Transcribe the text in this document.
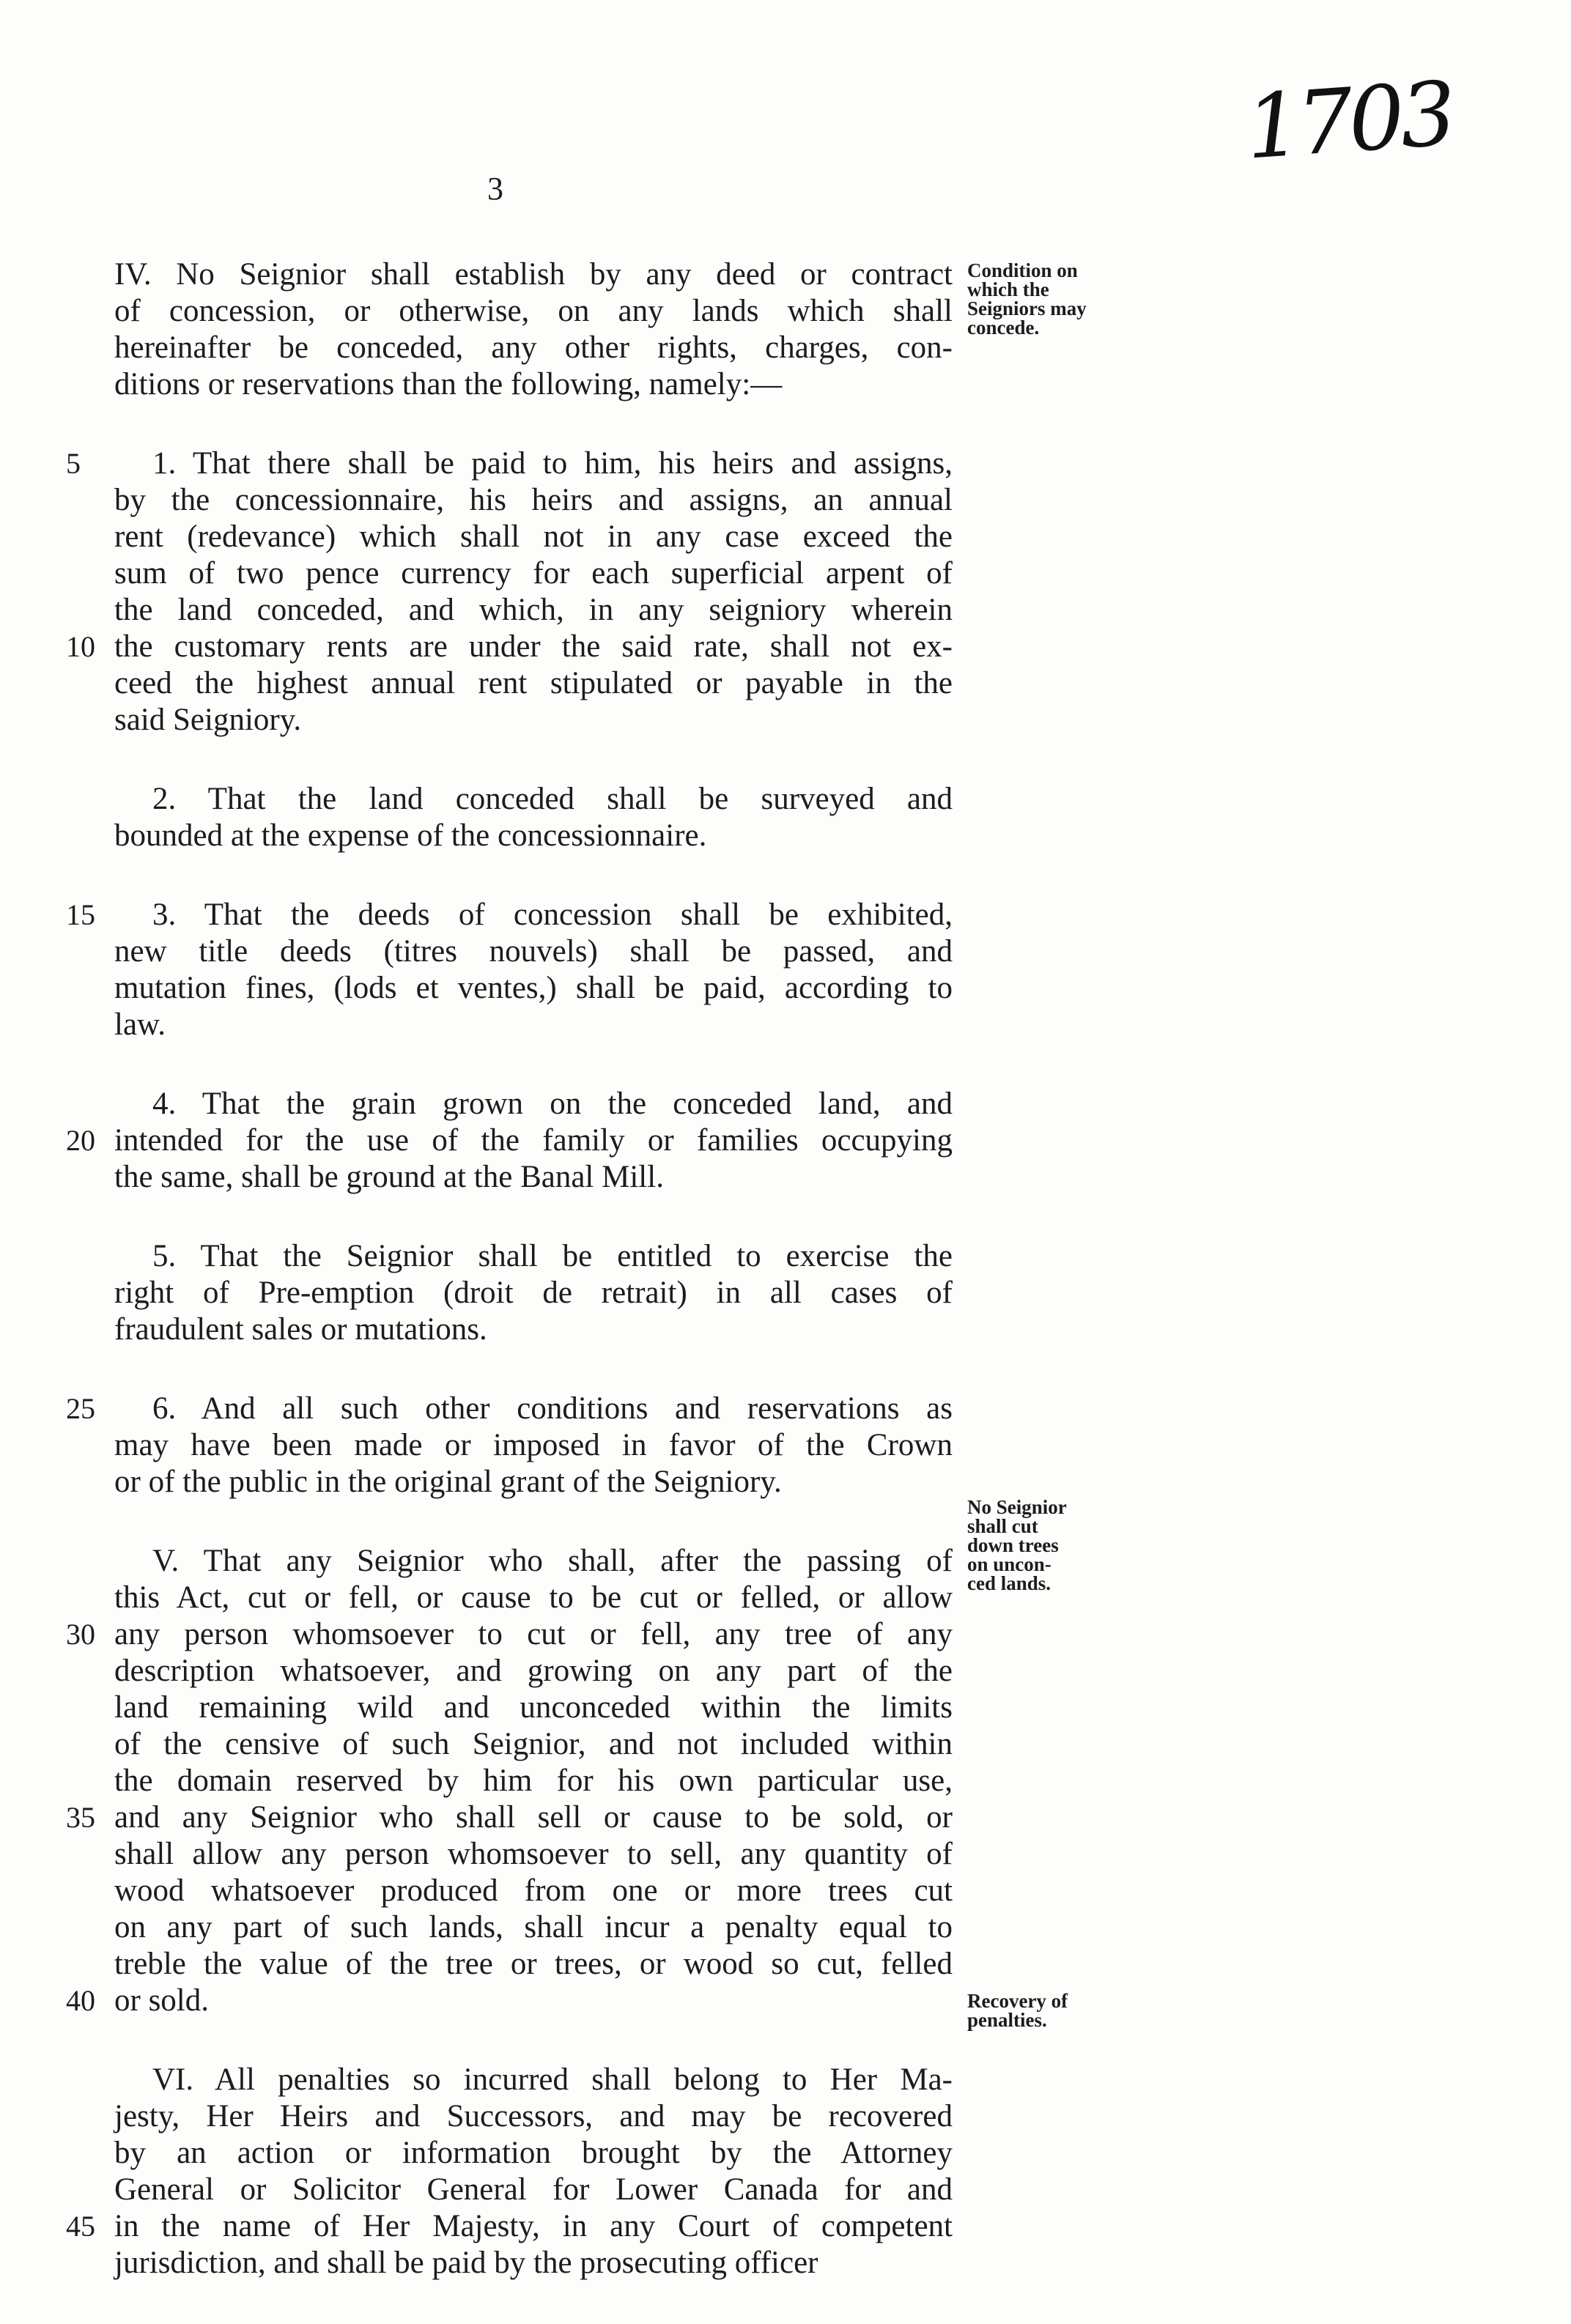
1703
3
IV. No Seignior shall establish by any deed or contract
of concession, or otherwise, on any lands which shall
hereinafter be conceded, any other rights, charges, con-
ditions or reservations than the following, namely:—
5	1. That there shall be paid to him, his heirs and assigns,
by the concessionnaire, his heirs and assigns, an annual
rent (redevance) which shall not in any case exceed the
sum of two pence currency for each superficial arpent of
the land conceded, and which, in any seigniory wherein
10 the customary rents are under the said rate, shall not ex-
ceed the highest annual rent stipulated or payable in the
said Seigniory.
2. That the land conceded shall be surveyed and
bounded at the expense of the concessionnaire.
15 3. That the deeds of concession shall be exhibited,
new title deeds (titres nouvels) shall be passed, and
mutation fines, (lods et ventes,) shall be paid, according to
law.
4. That the grain grown on the conceded land, and
20 intended for the use of the family or families occupying
the same, shall be ground at the Banal Mill.
5. That the Seignior shall be entitled to exercise the
right of Pre-emption (droit de retrait) in all cases of
fraudulent sales or mutations.
25 6. And all such other conditions and reservations as
may have been made or imposed in favor of the Crown
or of the public in the original grant of the Seigniory.
V. That any Seignior who shall, after the passing of
this Act, cut or fell, or cause to be cut or felled, or allow
30 any person whomsoever to cut or fell, any tree of any
description whatsoever, and growing on any part of the
land remaining wild and unconceded within the limits
of the censive of such Seignior, and not included within
the domain reserved by him for his own particular use,
35 and any Seignior who shall sell or cause to be sold, or
shall allow any person whomsoever to sell, any quantity of
wood whatsoever produced from one or more trees cut
on any part of such lands, shall incur a penalty equal to
treble the value of the tree or trees, or wood so cut, felled
40 or sold.
VI. All penalties so incurred shall belong to Her Ma-
jesty, Her Heirs and Successors, and may be recovered
by an action or information brought by the Attorney
General or Solicitor General for Lower Canada for and
45 in the name of Her Majesty, in any Court of competent
jurisdiction, and shall be paid by the prosecuting officer
Condition on
which the
Seigniors may
concede.
No Seignior
shall cut
down trees
on uncon-
ced lands.
Recovery of
penalties.
